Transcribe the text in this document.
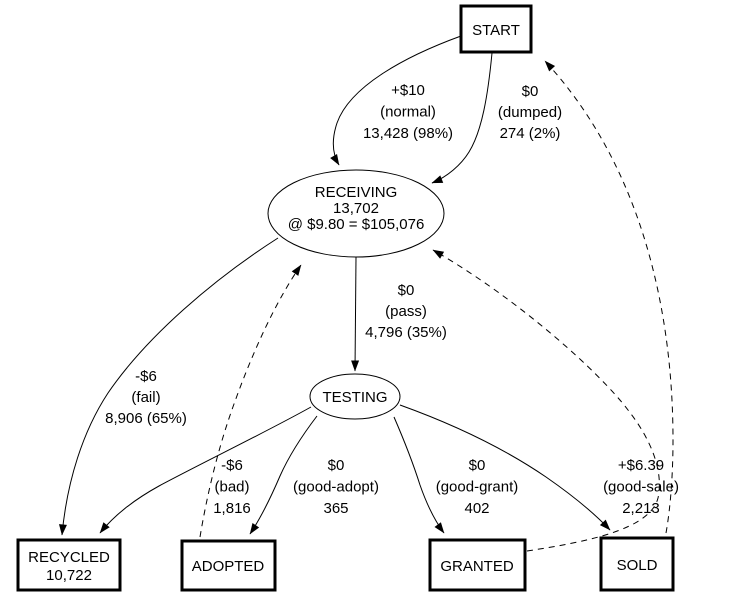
START
RECEIVING
13,702
@ $9.80 = $105,076
TESTING
RECYCLED
10,722
ADOPTED	GRANTED	SOLD
+$10
(normal)
13,428 (98%)
$0
(dumped)
274 (2%)
$0
(pass)
4,796 (35%)
-$6
(fail)
8,906 (65%)
-$6
(bad)
1,816
$0
(good-adopt)
365
$0
(good-grant)
402
+$6.39
(good-sale)
2,213
